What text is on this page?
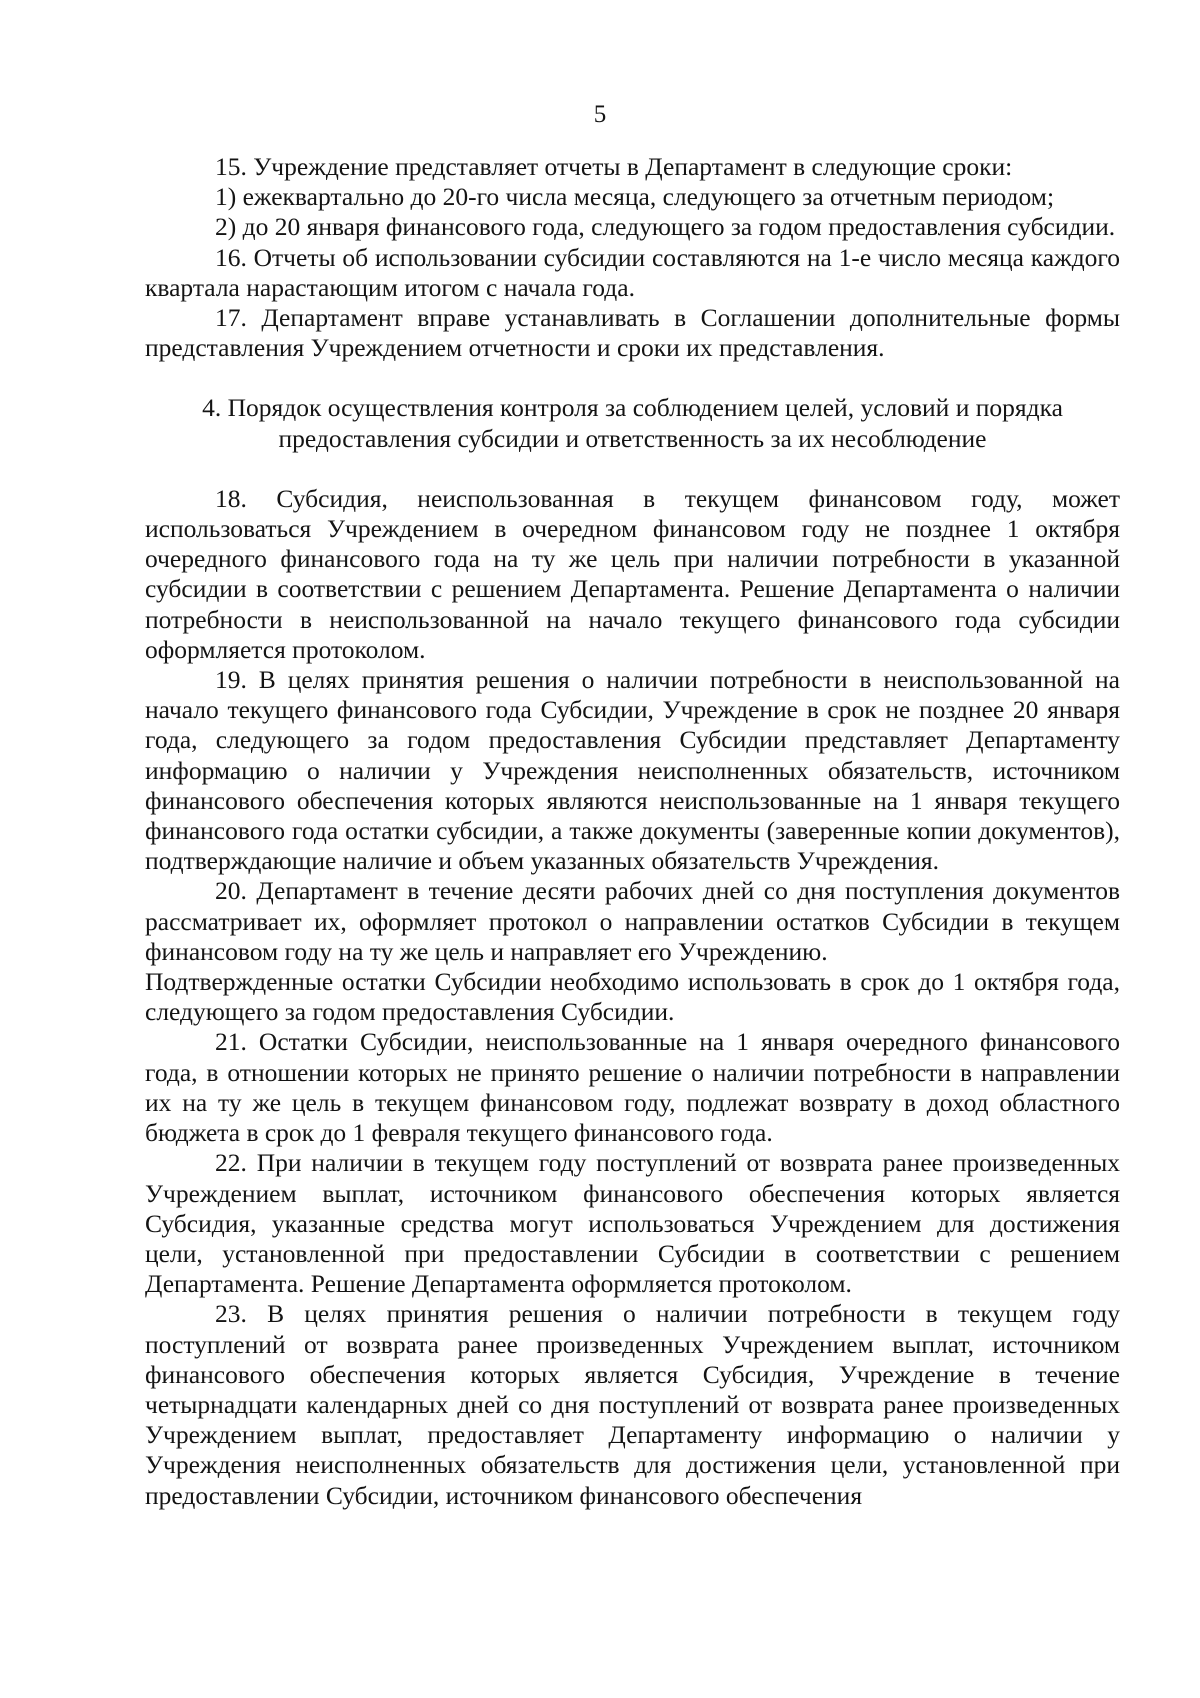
5

15. Учреждение представляет отчеты в Департамент в следующие сроки:

1) ежеквартально до 20-го числа месяца, следующего за отчетным периодом;

2) до 20 января финансового года, следующего за годом предоставления субсидии.

16. Отчеты об использовании субсидии составляются на 1-е число месяца каждого квартала нарастающим итогом с начала года.

17. Департамент вправе устанавливать в Соглашении дополнительные формы представления Учреждением отчетности и сроки их представления.

4. Порядок осуществления контроля за соблюдением целей, условий и порядка
предоставления субсидии и ответственность за их несоблюдение

18. Субсидия, неиспользованная в текущем финансовом году, может использоваться Учреждением в очередном финансовом году не позднее 1 октября очередного финансового года на ту же цель при наличии потребности в указанной субсидии в соответствии с решением Департамента. Решение Департамента о наличии потребности в неиспользованной на начало текущего финансового года субсидии оформляется протоколом.

19. В целях принятия решения о наличии потребности в неиспользованной на начало текущего финансового года Субсидии, Учреждение в срок не позднее 20 января года, следующего за годом предоставления Субсидии представляет Департаменту информацию о наличии у Учреждения неисполненных обязательств, источником финансового обеспечения которых являются неиспользованные на 1 января текущего финансового года остатки субсидии, а также документы (заверенные копии документов), подтверждающие наличие и объем указанных обязательств Учреждения.

20. Департамент в течение десяти рабочих дней со дня поступления документов рассматривает их, оформляет протокол о направлении остатков Субсидии в текущем финансовом году на ту же цель и направляет его Учреждению.

Подтвержденные остатки Субсидии необходимо использовать в срок до 1 октября года, следующего за годом предоставления Субсидии.

21. Остатки Субсидии, неиспользованные на 1 января очередного финансового года, в отношении которых не принято решение о наличии потребности в направлении их на ту же цель в текущем финансовом году, подлежат возврату в доход областного бюджета в срок до 1 февраля текущего финансового года.

22. При наличии в текущем году поступлений от возврата ранее произведенных Учреждением выплат, источником финансового обеспечения которых является Субсидия, указанные средства могут использоваться Учреждением для достижения цели, установленной при предоставлении Субсидии в соответствии с решением Департамента. Решение Департамента оформляется протоколом.

23. В целях принятия решения о наличии потребности в текущем году поступлений от возврата ранее произведенных Учреждением выплат, источником финансового обеспечения которых является Субсидия, Учреждение в течение четырнадцати календарных дней со дня поступлений от возврата ранее произведенных Учреждением выплат, предоставляет Департаменту информацию о наличии у Учреждения неисполненных обязательств для достижения цели, установленной при предоставлении Субсидии, источником финансового обеспечения
